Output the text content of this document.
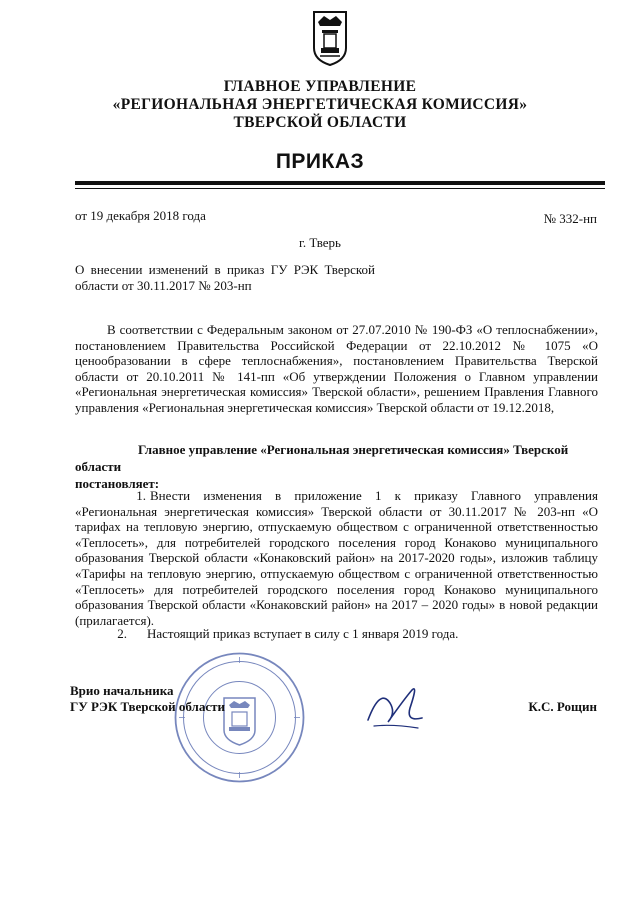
ГЛАВНОЕ УПРАВЛЕНИЕ
«РЕГИОНАЛЬНАЯ ЭНЕРГЕТИЧЕСКАЯ КОМИССИЯ»
ТВЕРСКОЙ ОБЛАСТИ
ПРИКАЗ
от 19 декабря 2018 года	№ 332-нп
г. Тверь
О внесении изменений в приказ ГУ РЭК Тверской области от 30.11.2017 № 203-нп
В соответствии с Федеральным законом от 27.07.2010 № 190-ФЗ «О теплоснабжении», постановлением Правительства Российской Федерации от 22.10.2012 № 1075 «О ценообразовании в сфере теплоснабжения», постановлением Правительства Тверской области от 20.10.2011 № 141-пп «Об утверждении Положения о Главном управлении «Региональная энергетическая комиссия» Тверской области», решением Правления Главного управления «Региональная энергетическая комиссия» Тверской области от 19.12.2018,
Главное управление «Региональная энергетическая комиссия» Тверской области
постановляет:
1. Внести изменения в приложение 1 к приказу Главного управления «Региональная энергетическая комиссия» Тверской области от 30.11.2017 № 203-нп «О тарифах на тепловую энергию, отпускаемую обществом с ограниченной ответственностью «Теплосеть», для потребителей городского поселения город Конаково муниципального образования Тверской области «Конаковский район» на 2017-2020 годы», изложив таблицу «Тарифы на тепловую энергию, отпускаемую обществом с ограниченной ответственностью «Теплосеть» для потребителей городского поселения город Конаково муниципального образования Тверской области «Конаковский район» на 2017 – 2020 годы» в новой редакции (прилагается).
2. Настоящий приказ вступает в силу с 1 января 2019 года.
Врио начальника
ГУ РЭК Тверской области	К.С. Рощин
